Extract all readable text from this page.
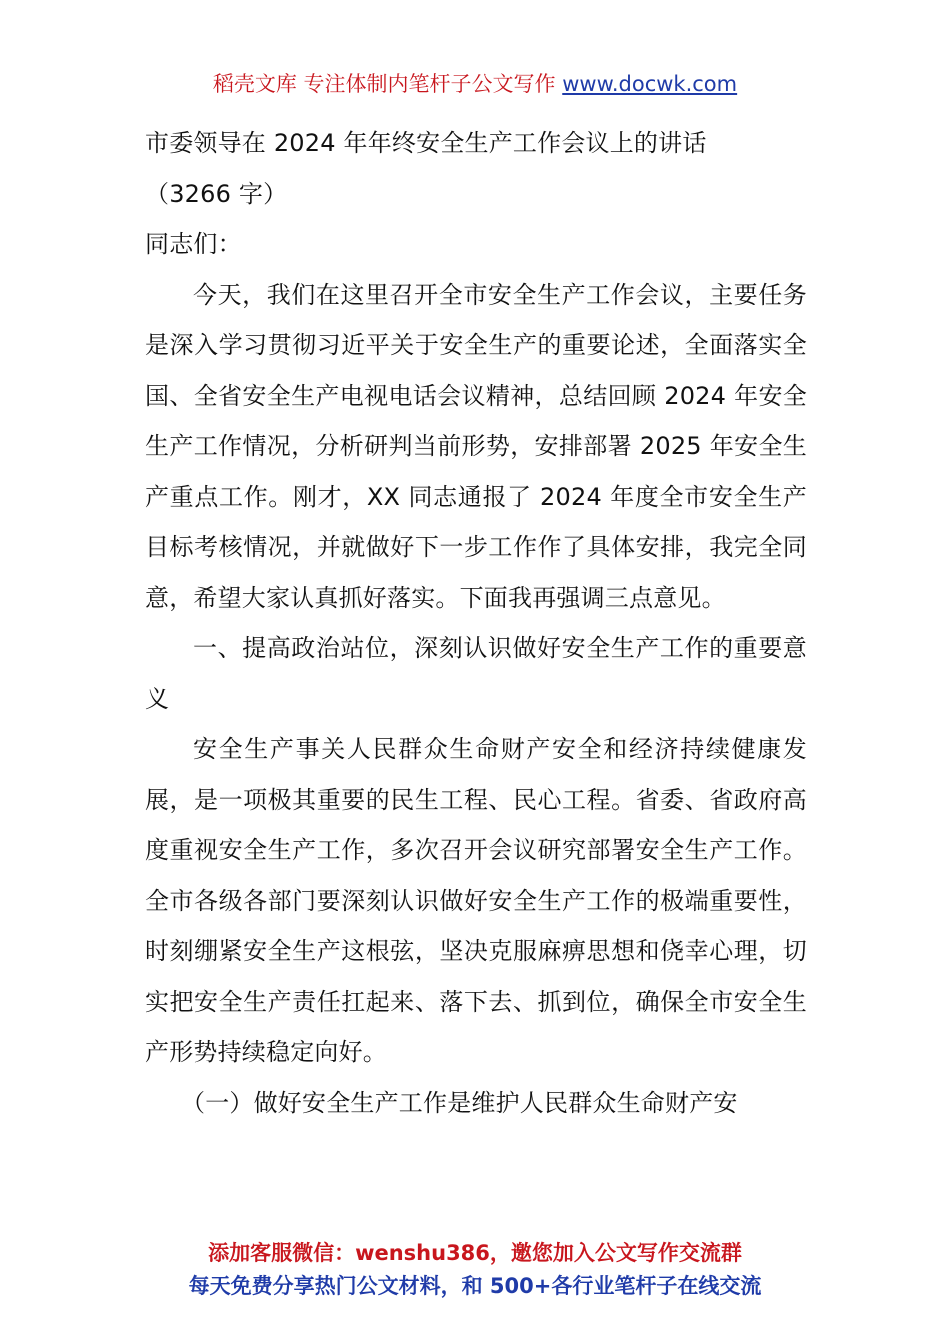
稻壳文库 专注体制内笔杆子公文写作 www.docwk.com

市委领导在 2024 年年终安全生产工作会议上的讲话

（3266 字）

同志们：

今天，我们在这里召开全市安全生产工作会议，主要任务是深入学习贯彻习近平关于安全生产的重要论述，全面落实全国、全省安全生产电视电话会议精神，总结回顾 2024 年安全生产工作情况，分析研判当前形势，安排部署 2025 年安全生产重点工作。刚才，XX 同志通报了 2024 年度全市安全生产目标考核情况，并就做好下一步工作作了具体安排，我完全同意，希望大家认真抓好落实。下面我再强调三点意见。

一、提高政治站位，深刻认识做好安全生产工作的重要意义

安全生产事关人民群众生命财产安全和经济持续健康发展，是一项极其重要的民生工程、民心工程。省委、省政府高度重视安全生产工作，多次召开会议研究部署安全生产工作。全市各级各部门要深刻认识做好安全生产工作的极端重要性，时刻绷紧安全生产这根弦，坚决克服麻痹思想和侥幸心理，切实把安全生产责任扛起来、落下去、抓到位，确保全市安全生产形势持续稳定向好。

（一）做好安全生产工作是维护人民群众生命财产安

添加客服微信：wenshu386，邀您加入公文写作交流群
每天免费分享热门公文材料，和 500+各行业笔杆子在线交流
